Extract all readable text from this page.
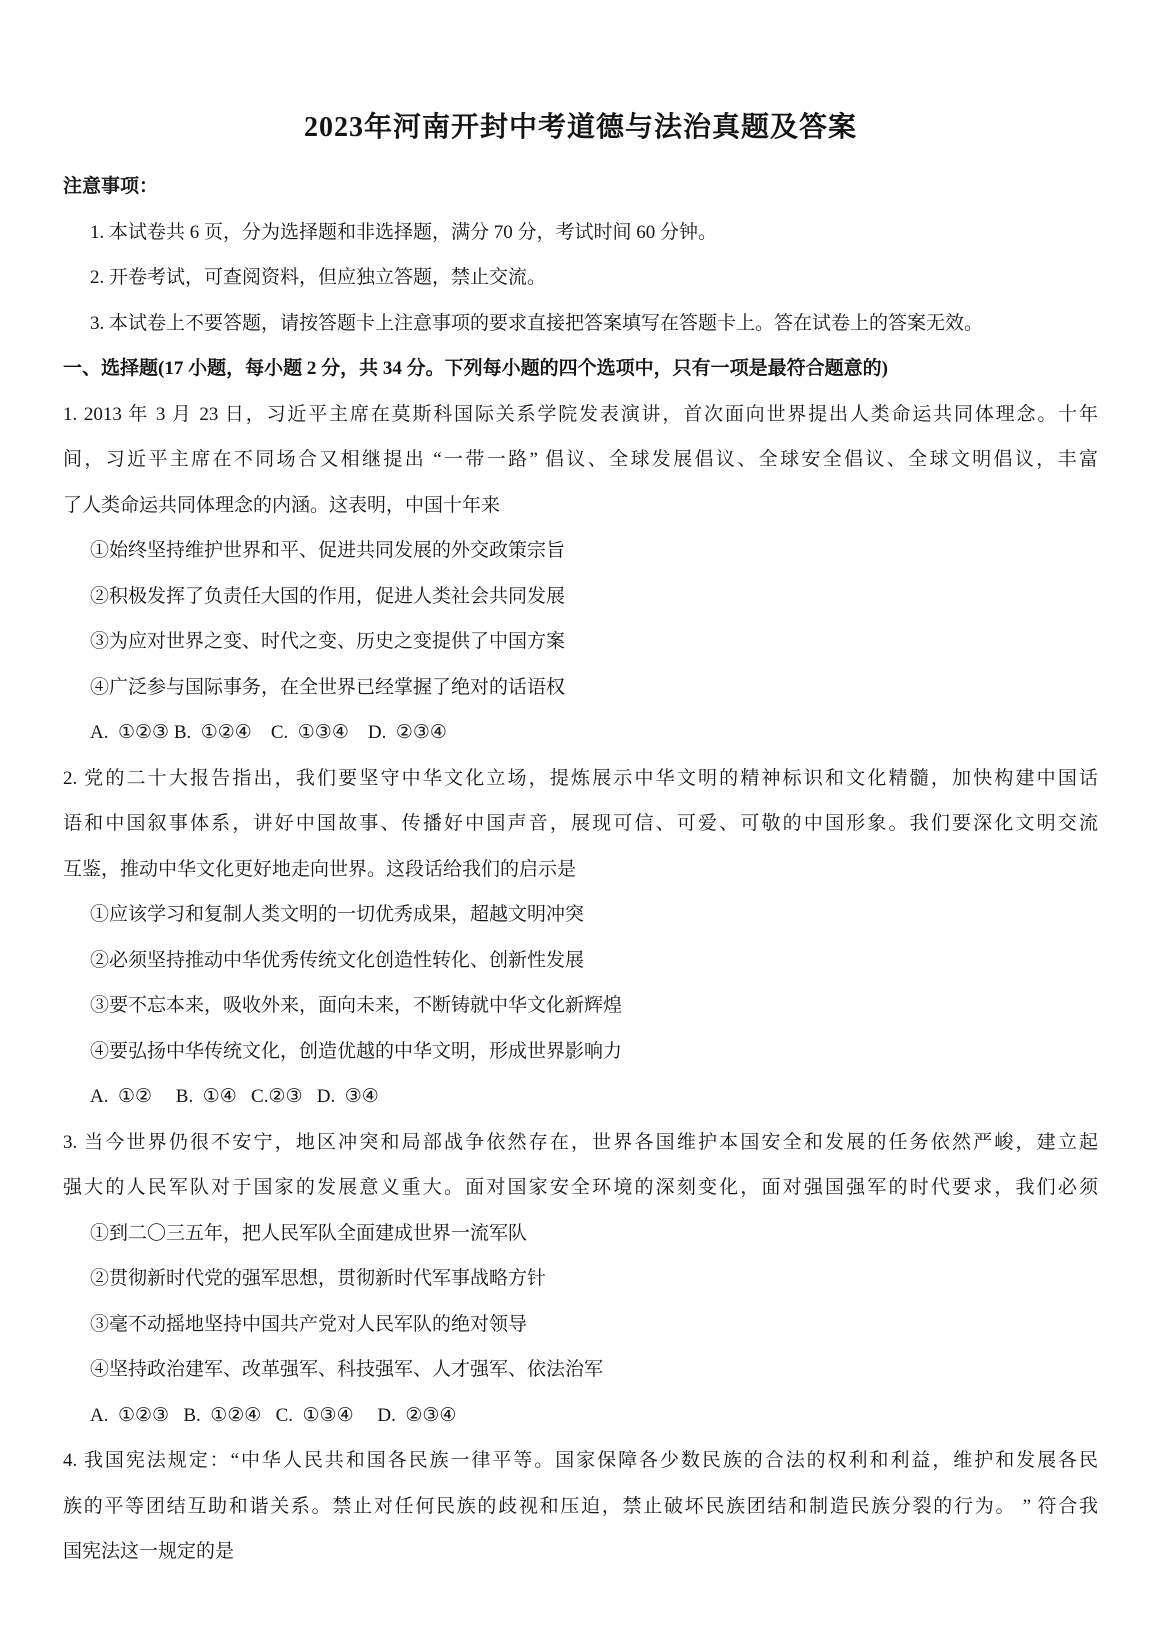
2023年河南开封中考道德与法治真题及答案
注意事项：
1. 本试卷共 6 页，分为选择题和非选择题，满分 70 分，考试时间 60 分钟。
2. 开卷考试，可查阅资料，但应独立答题，禁止交流。
3. 本试卷上不要答题，请按答题卡上注意事项的要求直接把答案填写在答题卡上。答在试卷上的答案无效。
一、选择题(17 小题，每小题 2 分，共 34 分。下列每小题的四个选项中，只有一项是最符合题意的)
1. 2013 年 3 月 23 日，习近平主席在莫斯科国际关系学院发表演讲，首次面向世界提出人类命运共同体理念。十年
间，习近平主席在不同场合又相继提出 “一带一路” 倡议、全球发展倡议、全球安全倡议、全球文明倡议，丰富
了人类命运共同体理念的内涵。这表明，中国十年来
①始终坚持维护世界和平、促进共同发展的外交政策宗旨
②积极发挥了负责任大国的作用，促进人类社会共同发展
③为应对世界之变、时代之变、历史之变提供了中国方案
④广泛参与国际事务，在全世界已经掌握了绝对的话语权
A.  ①②③ B.  ①②④    C.  ①③④    D.  ②③④
2. 党的二十大报告指出，我们要坚守中华文化立场，提炼展示中华文明的精神标识和文化精髓，加快构建中国话
语和中国叙事体系，讲好中国故事、传播好中国声音，展现可信、可爱、可敬的中国形象。我们要深化文明交流
互鉴，推动中华文化更好地走向世界。这段话给我们的启示是
①应该学习和复制人类文明的一切优秀成果，超越文明冲突
②必须坚持推动中华优秀传统文化创造性转化、创新性发展
③要不忘本来，吸收外来，面向未来，不断铸就中华文化新辉煌
④要弘扬中华传统文化，创造优越的中华文明，形成世界影响力
A.  ①②     B.  ①④   C.②③   D.  ③④
3. 当今世界仍很不安宁，地区冲突和局部战争依然存在，世界各国维护本国安全和发展的任务依然严峻，建立起
强大的人民军队对于国家的发展意义重大。面对国家安全环境的深刻变化，面对强国强军的时代要求，我们必须
①到二〇三五年，把人民军队全面建成世界一流军队
②贯彻新时代党的强军思想，贯彻新时代军事战略方针
③毫不动摇地坚持中国共产党对人民军队的绝对领导
④坚持政治建军、改革强军、科技强军、人才强军、依法治军
A.  ①②③   B.  ①②④   C.  ①③④     D.  ②③④
4. 我国宪法规定：“中华人民共和国各民族一律平等。国家保障各少数民族的合法的权利和利益，维护和发展各民
族的平等团结互助和谐关系。禁止对任何民族的歧视和压迫，禁止破坏民族团结和制造民族分裂的行为。 ” 符合我
国宪法这一规定的是
